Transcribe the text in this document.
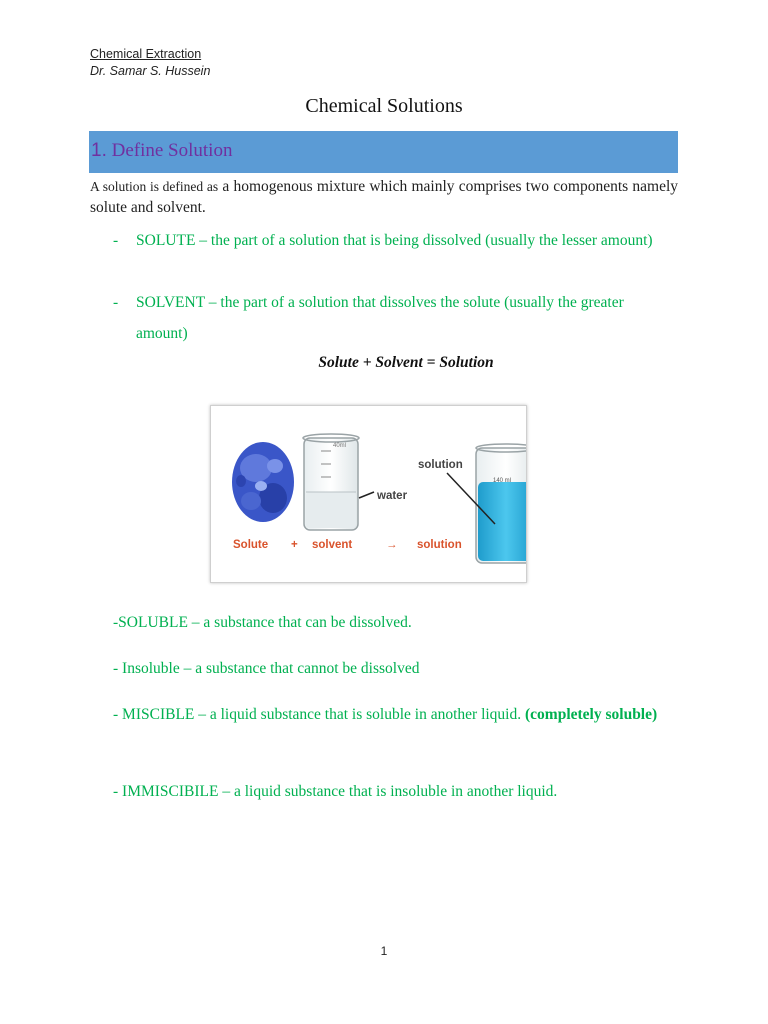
Chemical Extraction
Dr. Samar S. Hussein
Chemical Solutions
1. Define Solution
A solution is defined as a homogenous mixture which mainly comprises two components namely solute and solvent.
- SOLUTE – the part of a solution that is being dissolved (usually the lesser amount)
- SOLVENT – the part of a solution that dissolves the solute (usually the greater amount)
Solute + Solvent = Solution
40ml
water
140 ml
solution
Solute + solvent	→ solution
-SOLUBLE – a substance that can be dissolved.
- Insoluble – a substance that cannot be dissolved
- MISCIBLE – a liquid substance that is soluble in another liquid. (completely soluble)
- IMMISCIBILE – a liquid substance that is insoluble in another liquid.
1
